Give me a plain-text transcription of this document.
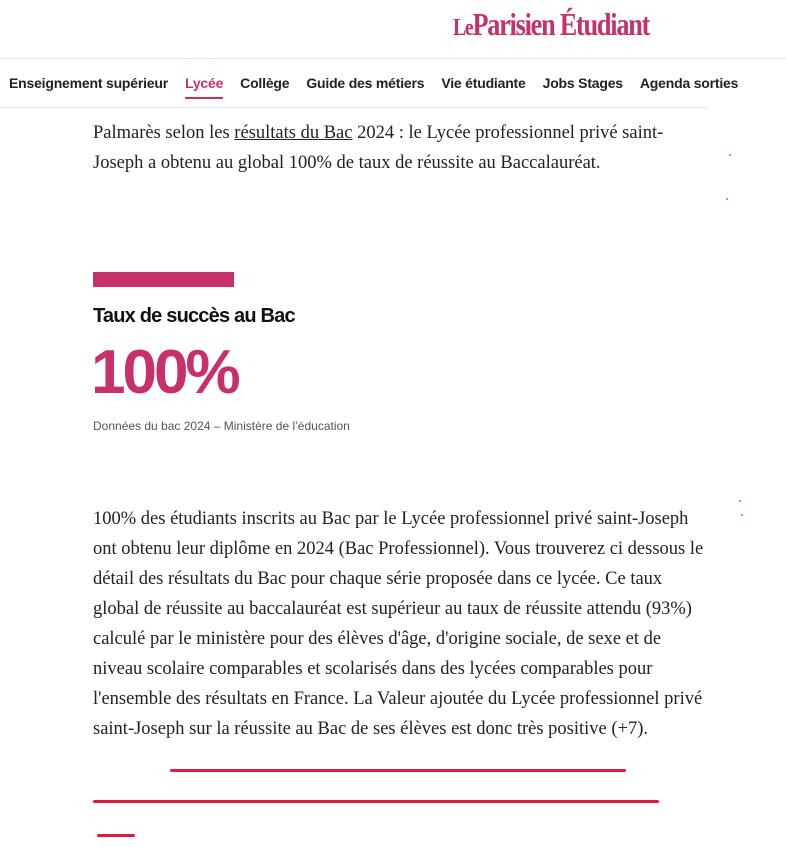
LeParisien Étudiant
Enseignement supérieur Lycée Collège Guide des métiers Vie étudiante Jobs Stages Agenda sorties

Palmarès selon les résultats du Bac 2024 : le Lycée professionnel privé saint-Joseph a obtenu au global 100% de taux de réussite au Baccalauréat.

Taux de succès au Bac
100%
Données du bac 2024 – Ministère de l’éducation

100% des étudiants inscrits au Bac par le Lycée professionnel privé saint-Joseph ont obtenu leur diplôme en 2024 (Bac Professionnel). Vous trouverez ci dessous le détail des résultats du Bac pour chaque série proposée dans ce lycée. Ce taux global de réussite au baccalauréat est supérieur au taux de réussite attendu (93%) calculé par le ministère pour des élèves d'âge, d'origine sociale, de sexe et de niveau scolaire comparables et scolarisés dans des lycées comparables pour l'ensemble des résultats en France. La Valeur ajoutée du Lycée professionnel privé saint-Joseph sur la réussite au Bac de ses élèves est donc très positive (+7).
